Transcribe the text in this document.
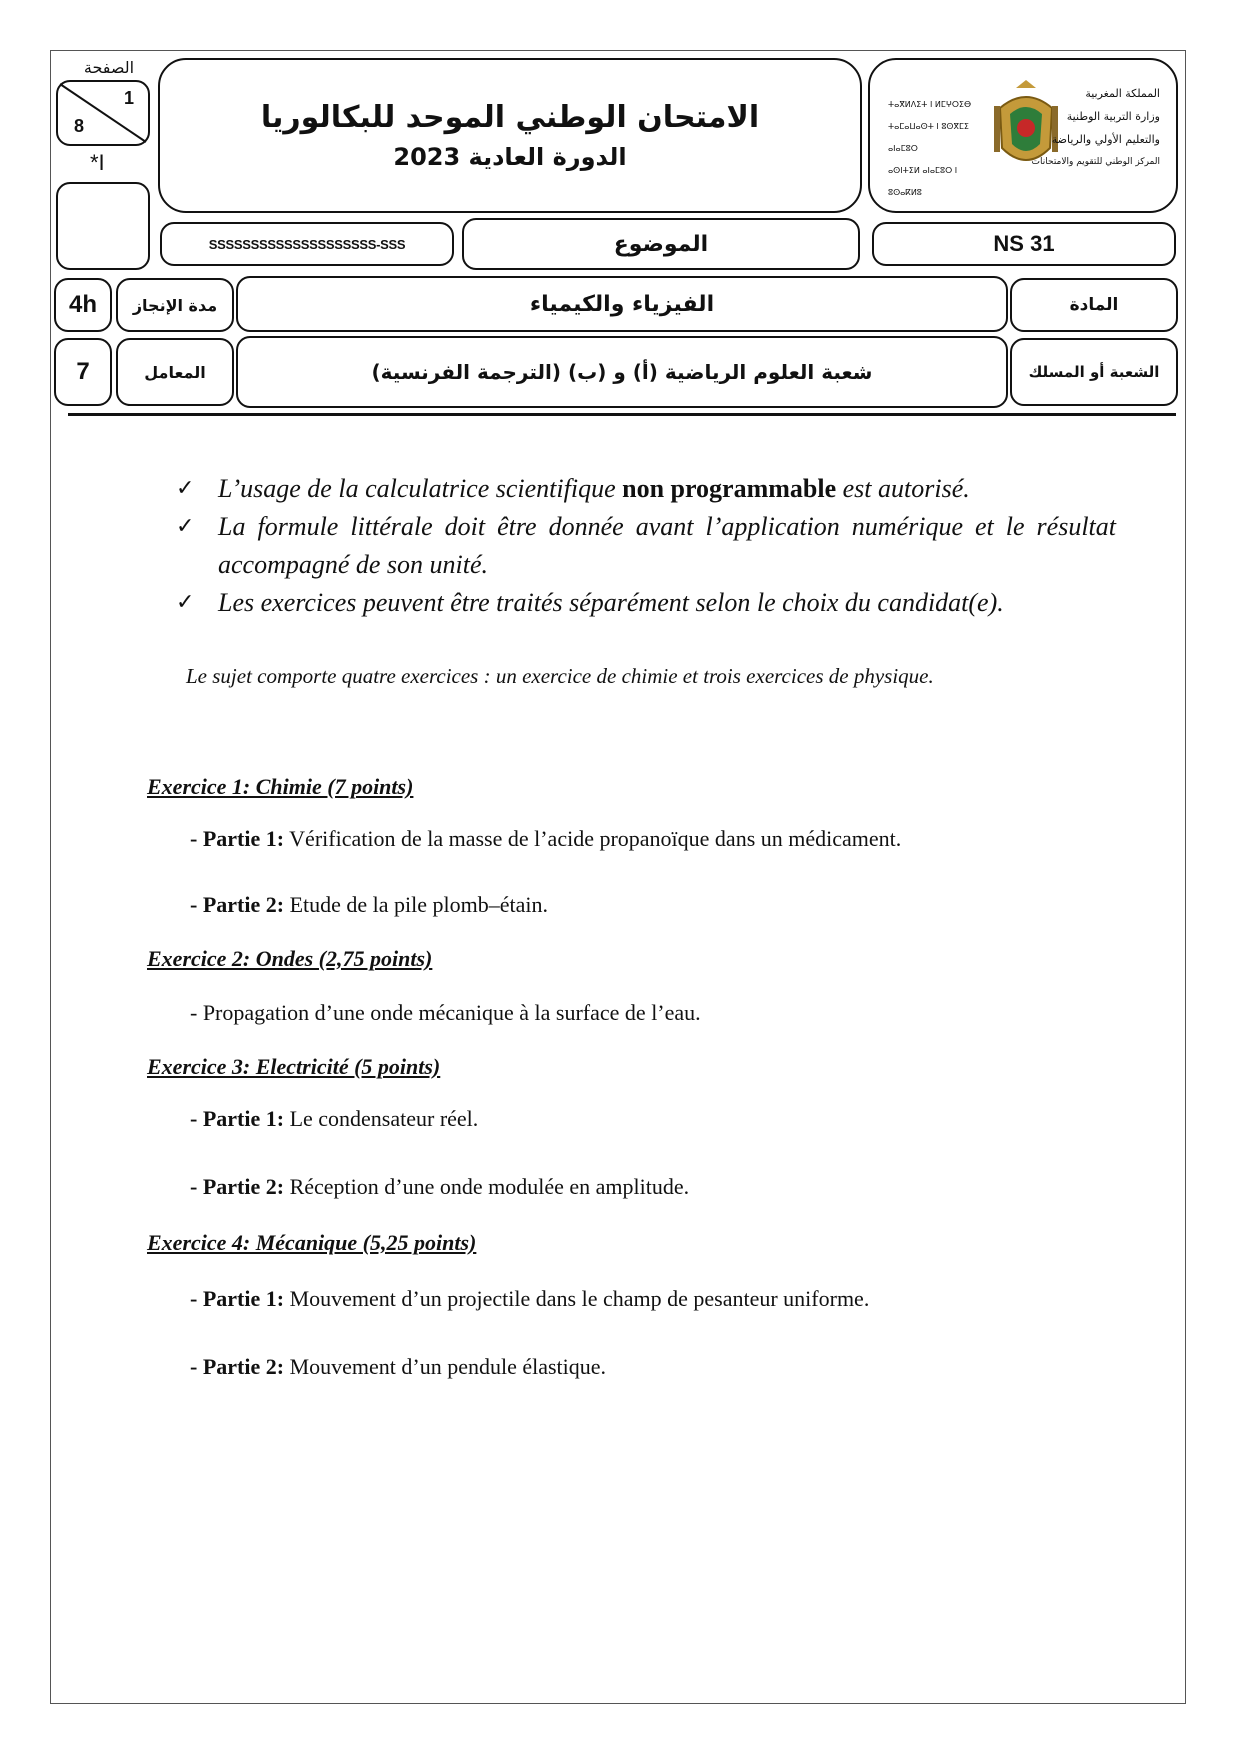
الصفحة
1
8
*I
الامتحان الوطني الموحد للبكالوريا
الدورة العادية 2023
ⵜⴰⴳⵍⴷⵉⵜ ⵏ ⵍⵎⵖⵔⵉⴱ
ⵜⴰⵎⴰⵡⴰⵙⵜ ⵏ ⵓⵙⴳⵎⵉ ⴰⵏⴰⵎⵓⵔ
ⴰⵙⵏⵜⵉⵍ ⴰⵏⴰⵎⵓⵔ ⵏ ⵓⵙⴰⴽⵍⵓ
المملكة المغربية
وزارة التربية الوطنية
والتعليم الأولي والرياضة
المركز الوطني للتقويم والامتحانات
SSSSSSSSSSSSSSSSSSSS-SSS	الموضوع	NS 31
4h مدة الإنجاز	الفيزياء والكيمياء	المادة
7	المعامل	شعبة العلوم الرياضية (أ) و (ب) (الترجمة الفرنسية)	الشعبة أو المسلك
✓ L’usage de la calculatrice scientifique non programmable est autorisé.
✓ La formule littérale doit être donnée avant l’application numérique et le résultat accompagné de son unité.
✓ Les exercices peuvent être traités séparément selon le choix du candidat(e).
Le sujet comporte quatre exercices : un exercice de chimie et trois exercices de physique.
Exercice 1: Chimie (7 points)
- Partie 1: Vérification de la masse de l’acide propanoïque dans un médicament.
- Partie 2: Etude de la pile plomb–étain.
Exercice 2: Ondes (2,75 points)
- Propagation d’une onde mécanique à la surface de l’eau.
Exercice 3: Electricité (5 points)
- Partie 1: Le condensateur réel.
- Partie 2: Réception d’une onde modulée en amplitude.
Exercice 4: Mécanique (5,25 points)
- Partie 1: Mouvement d’un projectile dans le champ de pesanteur uniforme.
- Partie 2: Mouvement d’un pendule élastique.
